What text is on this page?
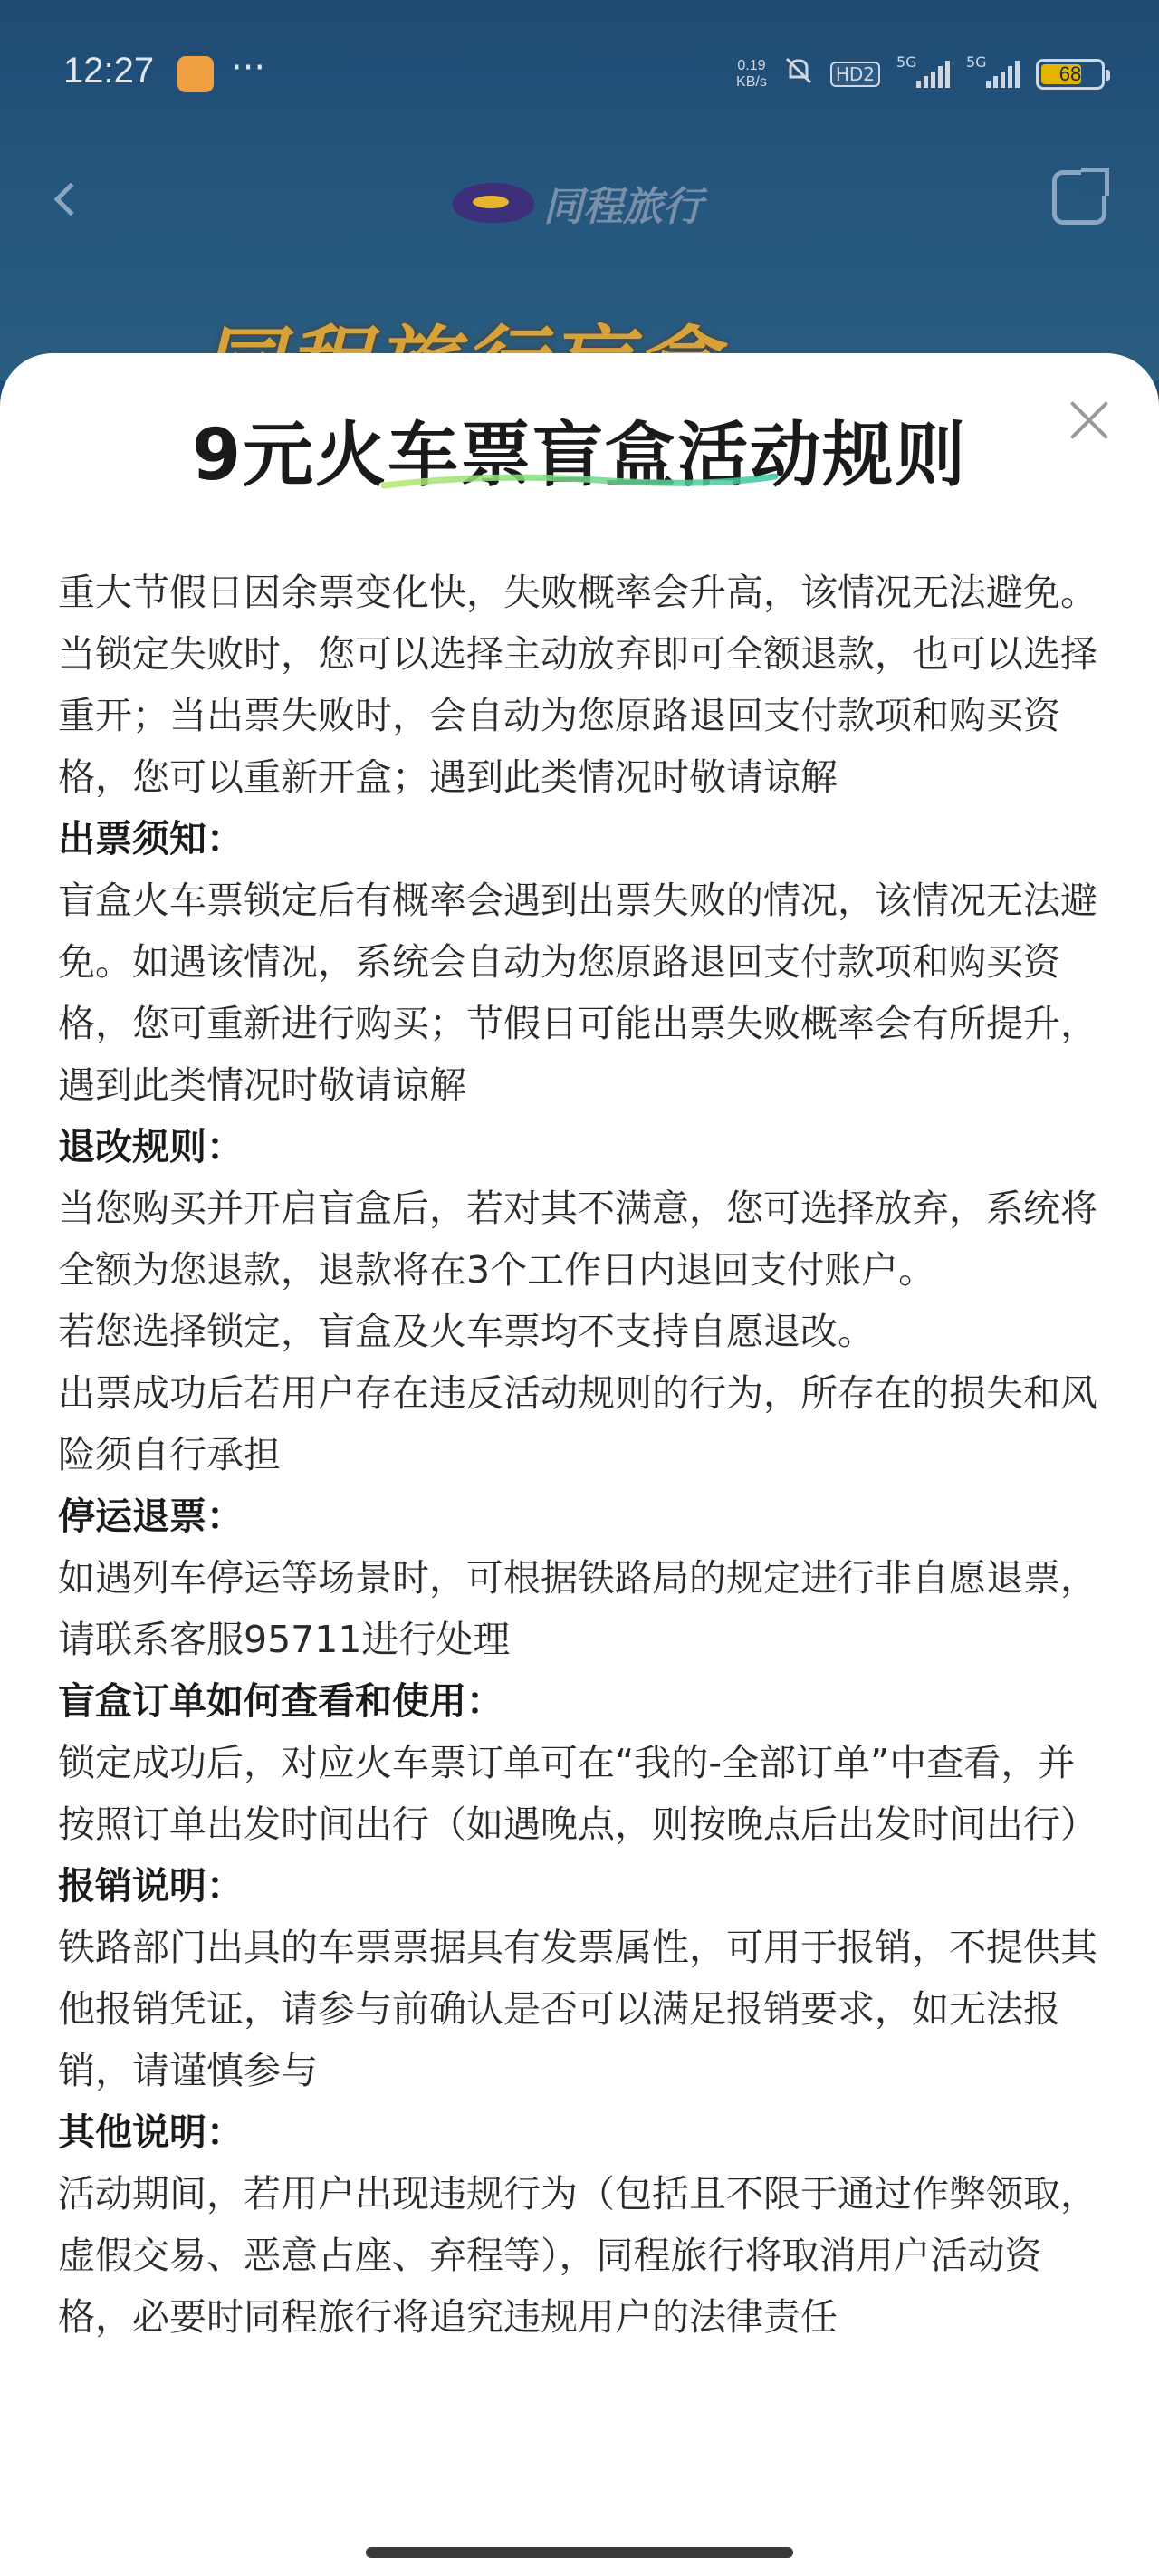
12:27 ···	0.19
KB/s	HD2
5G	5G
68
同程旅行
9元火车票盲盒活动规则

重大节假日因余票变化快，失败概率会升高，该情况无法避免。当锁定失败时，您可以选择主动放弃即可全额退款，也可以选择重开；当出票失败时，会自动为您原路退回支付款项和购买资格，您可以重新开盒；遇到此类情况时敬请谅解

出票须知：

盲盒火车票锁定后有概率会遇到出票失败的情况，该情况无法避免。如遇该情况，系统会自动为您原路退回支付款项和购买资格，您可重新进行购买；节假日可能出票失败概率会有所提升，遇到此类情况时敬请谅解

退改规则：

当您购买并开启盲盒后，若对其不满意，您可选择放弃，系统将全额为您退款，退款将在3个工作日内退回支付账户。

若您选择锁定，盲盒及火车票均不支持自愿退改。

出票成功后若用户存在违反活动规则的行为，所存在的损失和风险须自行承担

停运退票：

如遇列车停运等场景时，可根据铁路局的规定进行非自愿退票，请联系客服95711进行处理

盲盒订单如何查看和使用：

锁定成功后，对应火车票订单可在“我的-全部订单”中查看，并按照订单出发时间出行（如遇晚点，则按晚点后出发时间出行）

报销说明：

铁路部门出具的车票票据具有发票属性，可用于报销，不提供其他报销凭证，请参与前确认是否可以满足报销要求，如无法报销，请谨慎参与

其他说明：

活动期间，若用户出现违规行为（包括且不限于通过作弊领取，虚假交易、恶意占座、弃程等），同程旅行将取消用户活动资格，必要时同程旅行将追究违规用户的法律责任
